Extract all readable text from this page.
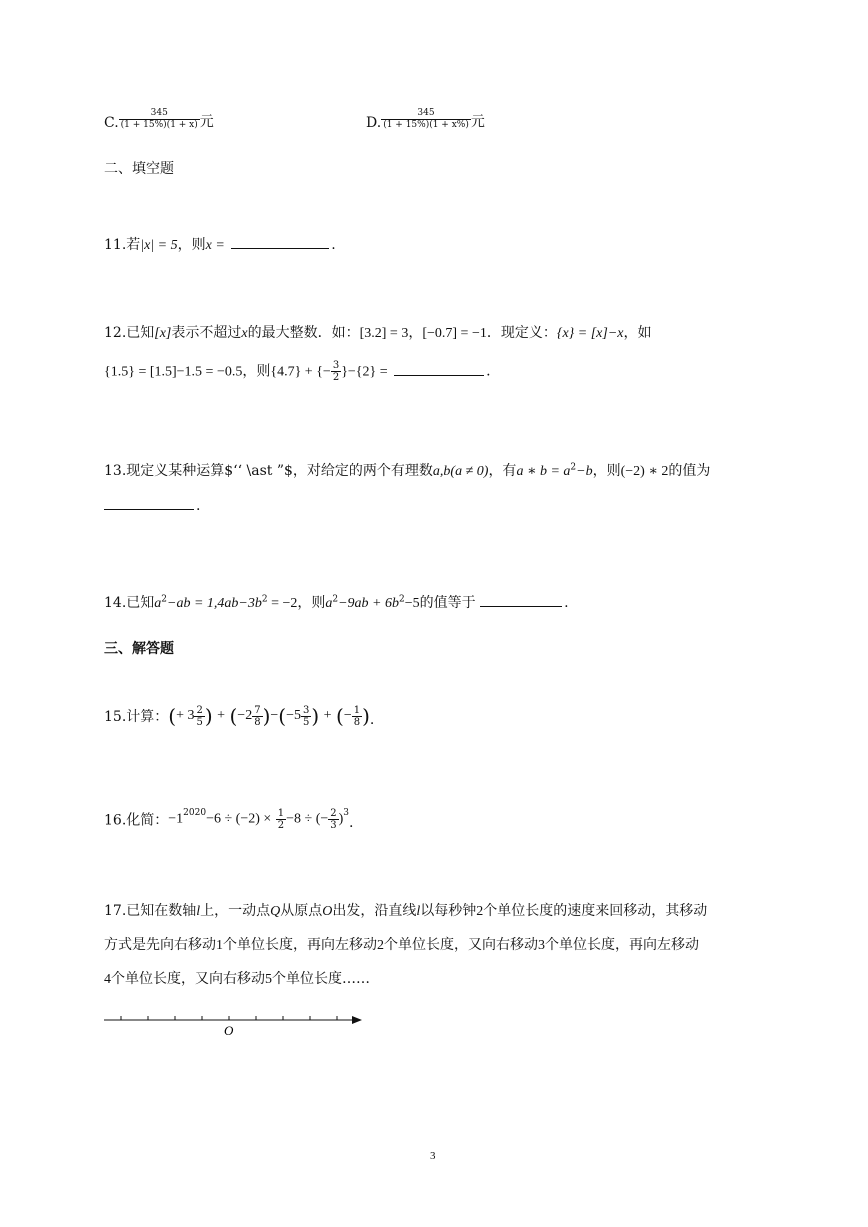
C. $\frac{345}{(1 + 15\%)(1 + x)}$ 元	D. $\frac{345}{(1 + 15\%)(1 + x\%)}$ 元
二、填空题
11.若|x| = 5，则x =	.
12.已知[x]表示不超过x的最大整数．如：[3.2] = 3，[−0.7] = −1．现定义：{x} = [x]−x，如
{1.5} = [1.5]−1.5 = −0.5，则{4.7} + {− $\frac{3}{2} \}-\{2\}$ =	.
13.现定义某种运算$‘‘ \ast ”$，对给定的两个有理数a,b(a ≠ 0)，有a ∗ $b = a^2-b$，则(−2) ∗ 2的值为
.
14.已知$a^2-ab = 1,4ab-3b^2 = -2$，则$a^2-9ab + 6b^2-5$的值等于	.
三、解答题
15.计算：(+ $3 \frac{2}{5}$ ) + $(-2 \frac{7}{8} )-(-5 \frac{3}{5}$ ) + (− $\frac{1}{8}$ ).
16.化简：$-1^{2020}-6 \div (-2) \times \frac{1}{2} -8$ ÷ (− $\frac{2}{3} )^3$.
17.已知在数轴l上，一动点Q从原点O出发，沿直线l以每秒钟2个单位长度的速度来回移动，其移动
方式是先向右移动1个单位长度，再向左移动2个单位长度，又向右移动3个单位长度，再向左移动
4个单位长度，又向右移动5个单位长度……
O
3
